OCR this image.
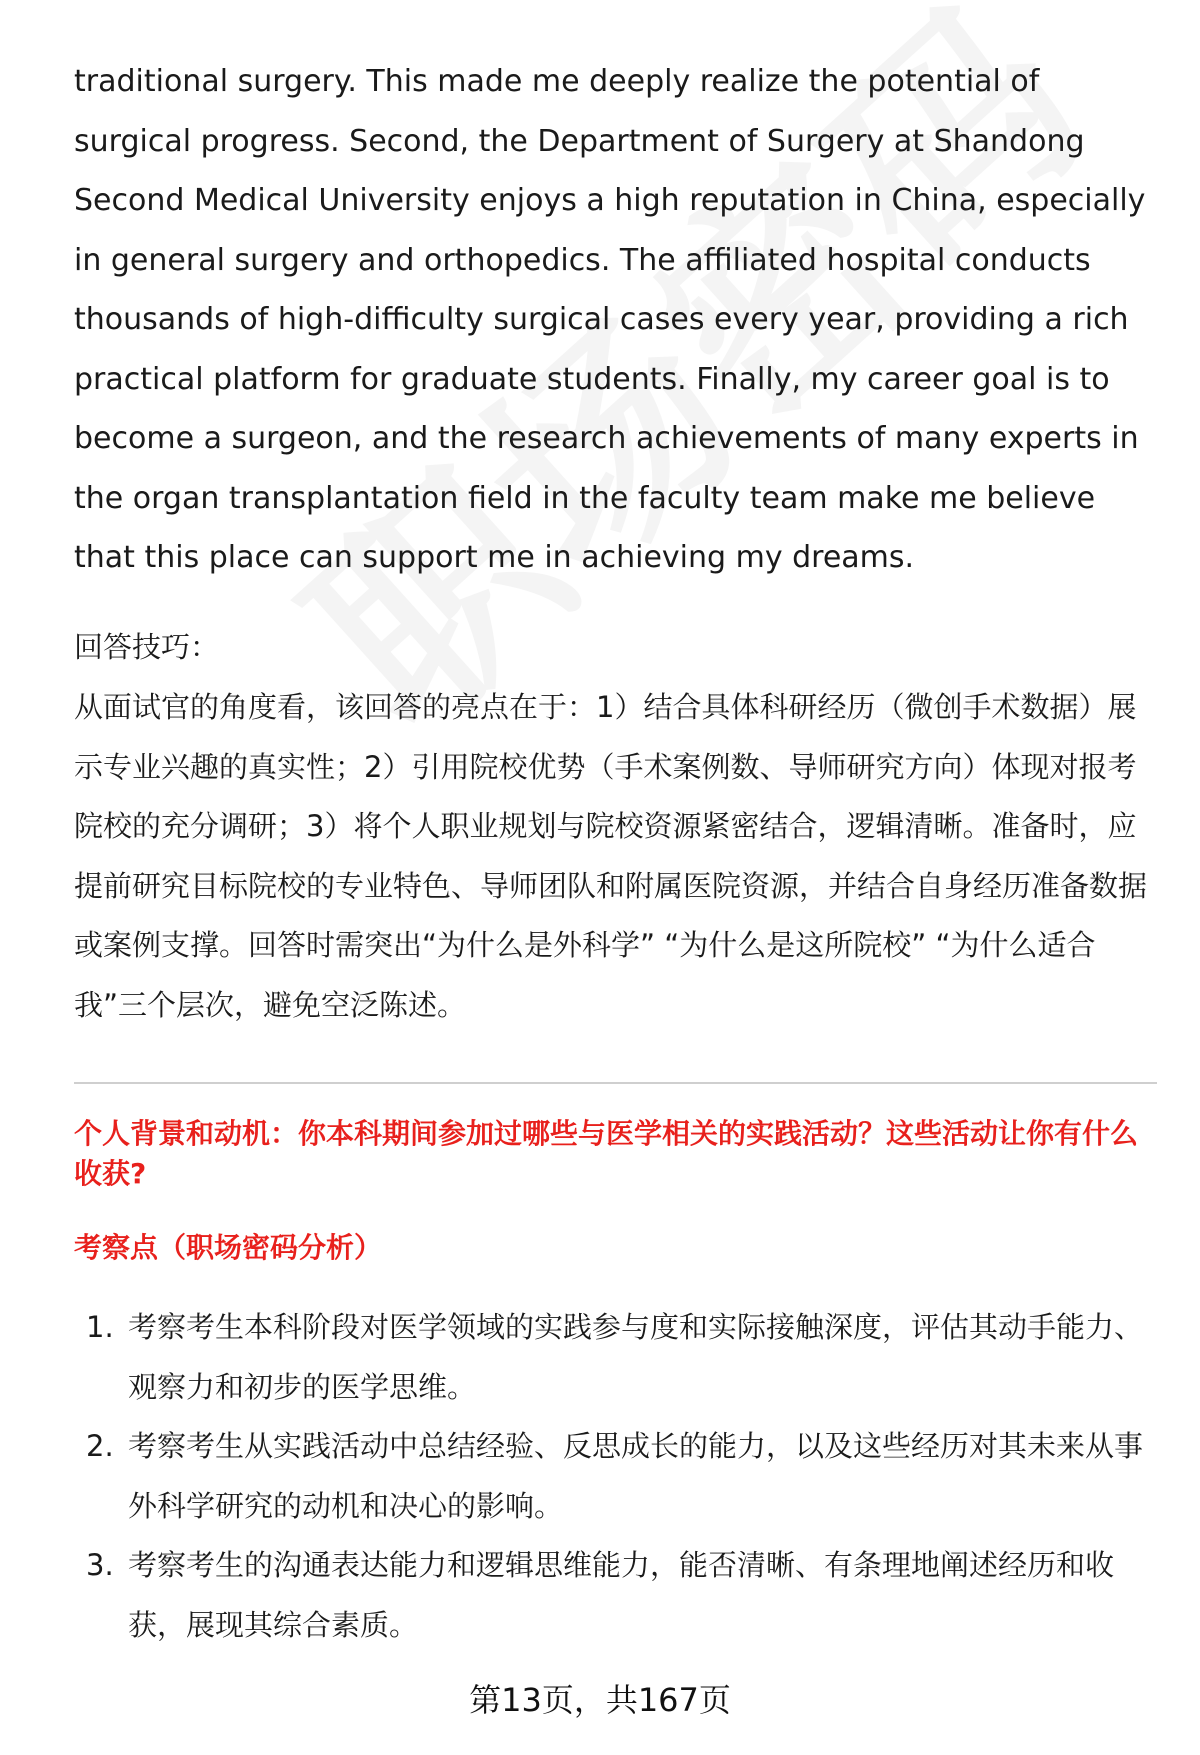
traditional surgery. This made me deeply realize the potential of surgical progress. Second, the Department of Surgery at Shandong Second Medical University enjoys a high reputation in China, especially in general surgery and orthopedics. The affiliated hospital conducts thousands of high-difficulty surgical cases every year, providing a rich practical platform for graduate students. Finally, my career goal is to become a surgeon, and the research achievements of many experts in the organ transplantation field in the faculty team make me believe that this place can support me in achieving my dreams.

回答技巧：

从面试官的角度看，该回答的亮点在于：1）结合具体科研经历（微创手术数据）展示专业兴趣的真实性；2）引用院校优势（手术案例数、导师研究方向）体现对报考院校的充分调研；3）将个人职业规划与院校资源紧密结合，逻辑清晰。准备时，应提前研究目标院校的专业特色、导师团队和附属医院资源，并结合自身经历准备数据或案例支撑。回答时需突出“为什么是外科学” “为什么是这所院校” “为什么适合我”三个层次，避免空泛陈述。

个人背景和动机：你本科期间参加过哪些与医学相关的实践活动？这些活动让你有什么收获?

考察点（职场密码分析）

1. 考察考生本科阶段对医学领域的实践参与度和实际接触深度，评估其动手能力、观察力和初步的医学思维。
2. 考察考生从实践活动中总结经验、反思成长的能力，以及这些经历对其未来从事外科学研究的动机和决心的影响。
3. 考察考生的沟通表达能力和逻辑思维能力，能否清晰、有条理地阐述经历和收获，展现其综合素质。
第13页，共167页
